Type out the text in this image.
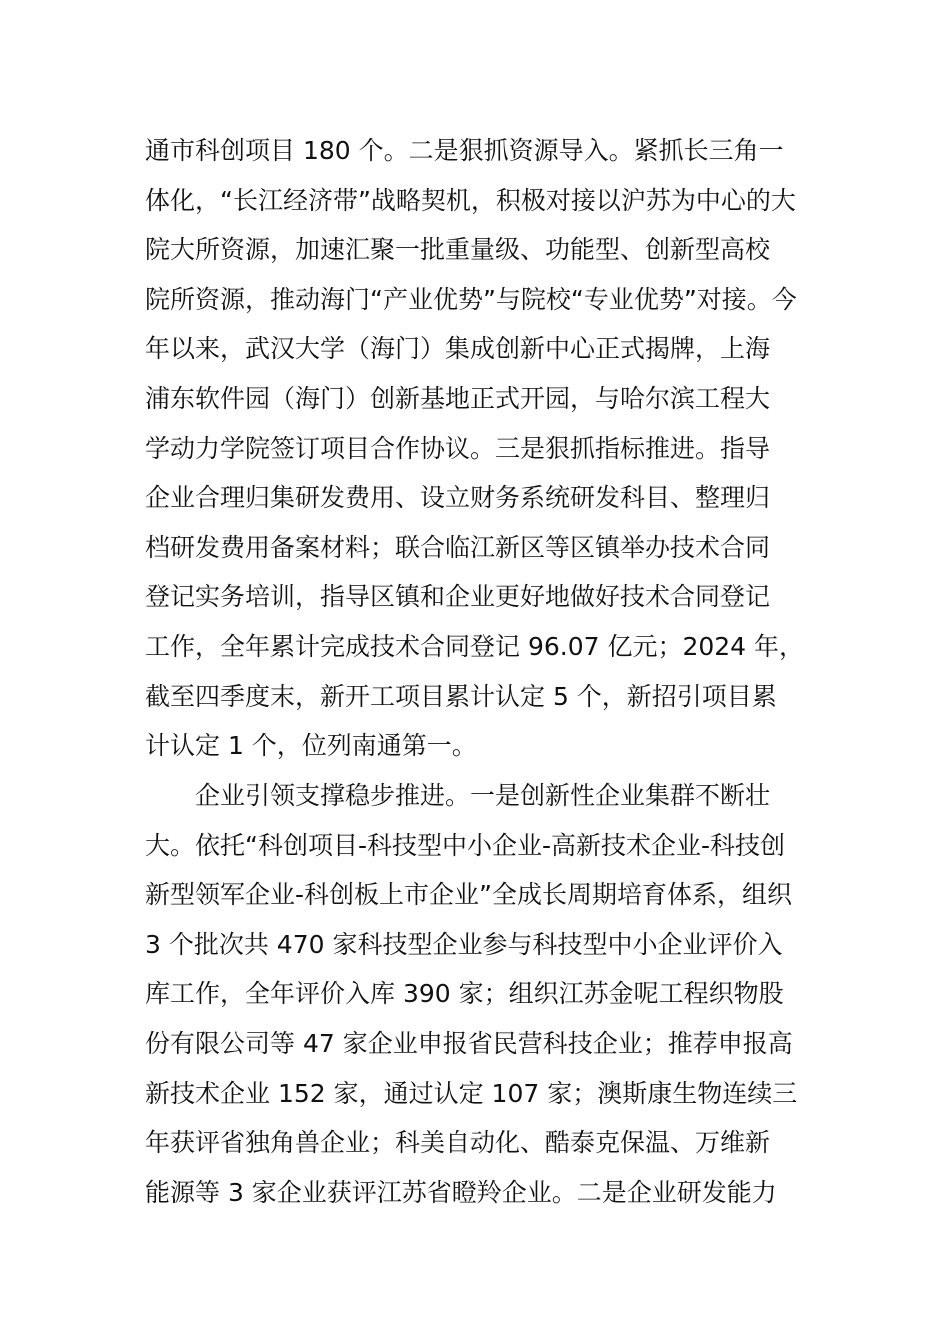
通市科创项目 180 个。二是狠抓资源导入。紧抓长三角一
体化，“长江经济带”战略契机，积极对接以沪苏为中心的大
院大所资源，加速汇聚一批重量级、功能型、创新型高校
院所资源，推动海门“产业优势”与院校“专业优势”对接。今
年以来，武汉大学（海门）集成创新中心正式揭牌，上海
浦东软件园（海门）创新基地正式开园，与哈尔滨工程大
学动力学院签订项目合作协议。三是狠抓指标推进。指导
企业合理归集研发费用、设立财务系统研发科目、整理归
档研发费用备案材料；联合临江新区等区镇举办技术合同
登记实务培训，指导区镇和企业更好地做好技术合同登记
工作，全年累计完成技术合同登记 96.07 亿元；2024 年，
截至四季度末，新开工项目累计认定 5 个，新招引项目累
计认定 1 个，位列南通第一。
企业引领支撑稳步推进。一是创新性企业集群不断壮
大。依托“科创项目-科技型中小企业-高新技术企业-科技创
新型领军企业-科创板上市企业”全成长周期培育体系，组织
3 个批次共 470 家科技型企业参与科技型中小企业评价入
库工作，全年评价入库 390 家；组织江苏金呢工程织物股
份有限公司等 47 家企业申报省民营科技企业；推荐申报高
新技术企业 152 家，通过认定 107 家；澳斯康生物连续三
年获评省独角兽企业；科美自动化、酷泰克保温、万维新
能源等 3 家企业获评江苏省瞪羚企业。二是企业研发能力
